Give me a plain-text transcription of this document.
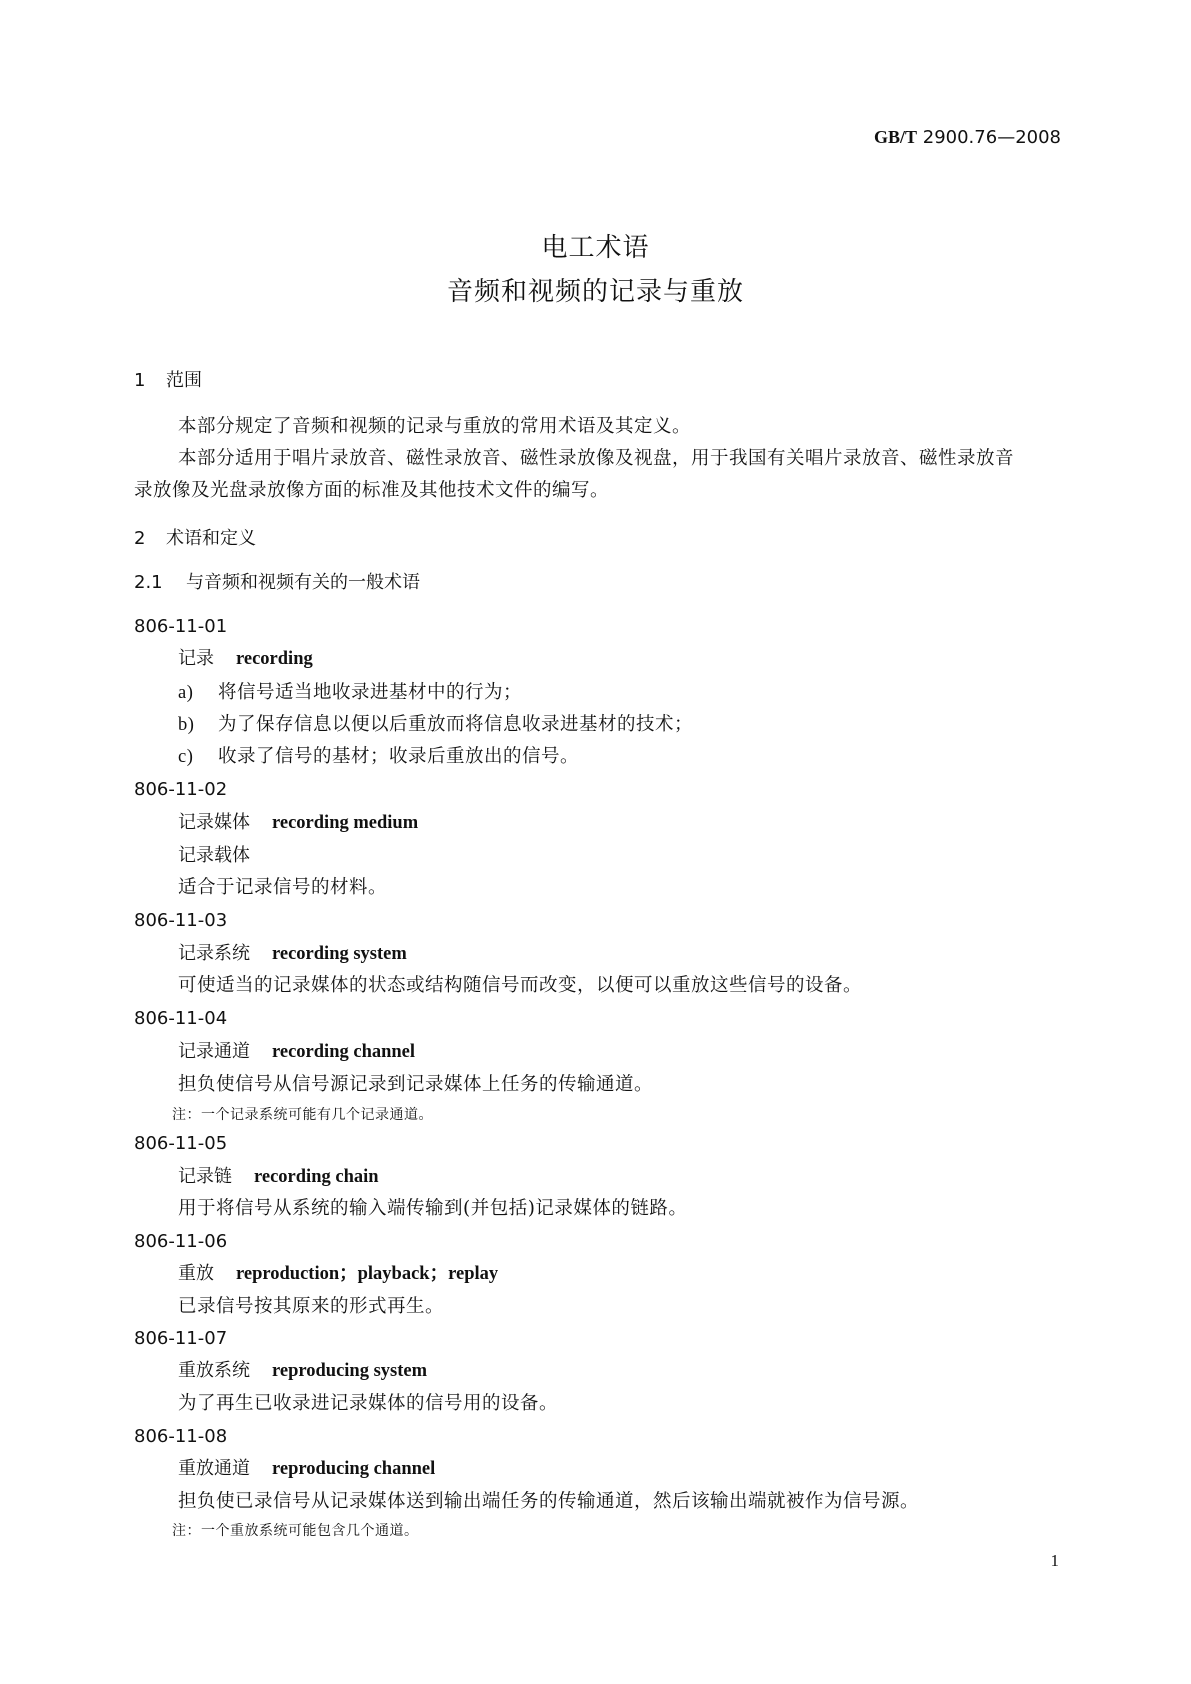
GB/T 2900.76—2008
电工术语
音频和视频的记录与重放
1 范围
本部分规定了音频和视频的记录与重放的常用术语及其定义。
本部分适用于唱片录放音、磁性录放音、磁性录放像及视盘，用于我国有关唱片录放音、磁性录放音
录放像及光盘录放像方面的标准及其他技术文件的编写。
2 术语和定义
2.1 与音频和视频有关的一般术语
806-11-01
记录 recording
a) 将信号适当地收录进基材中的行为；
b) 为了保存信息以便以后重放而将信息收录进基材的技术；
c) 收录了信号的基材；收录后重放出的信号。
806-11-02
记录媒体 recording medium
记录载体
适合于记录信号的材料。
806-11-03
记录系统 recording system
可使适当的记录媒体的状态或结构随信号而改变，以便可以重放这些信号的设备。
806-11-04
记录通道 recording channel
担负使信号从信号源记录到记录媒体上任务的传输通道。
注：一个记录系统可能有几个记录通道。
806-11-05
记录链 recording chain
用于将信号从系统的输入端传输到(并包括)记录媒体的链路。
806-11-06
重放 reproduction；playback；replay
已录信号按其原来的形式再生。
806-11-07
重放系统 reproducing system
为了再生已收录进记录媒体的信号用的设备。
806-11-08
重放通道 reproducing channel
担负使已录信号从记录媒体送到输出端任务的传输通道，然后该输出端就被作为信号源。
注：一个重放系统可能包含几个通道。
1
